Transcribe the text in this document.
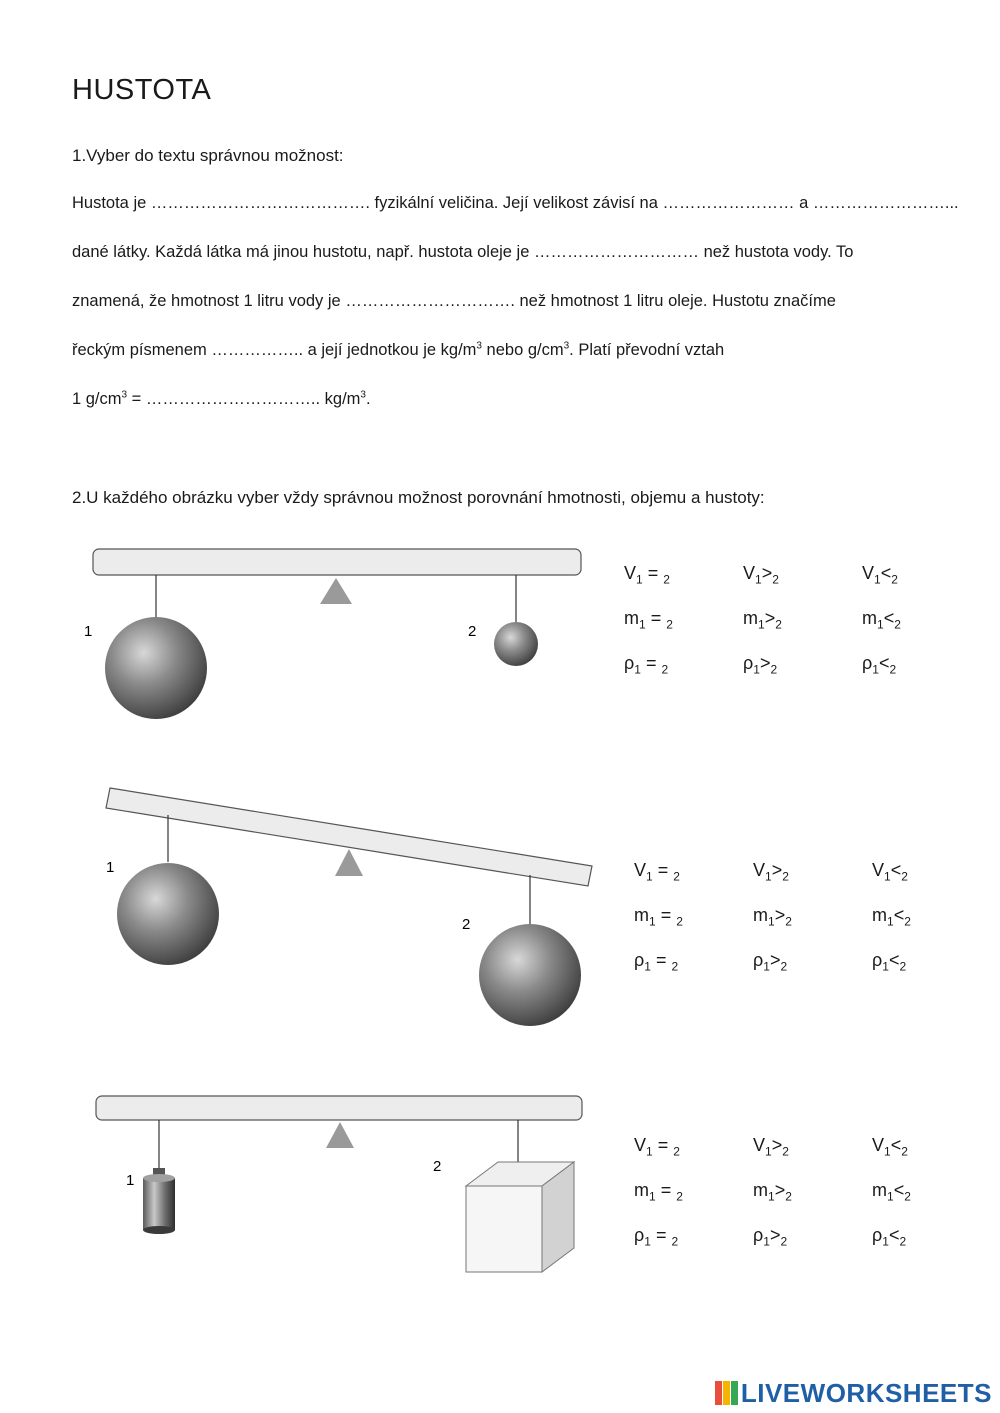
HUSTOTA
1.Vyber do textu správnou možnost:
Hustota je …………………………………. fyzikální veličina. Její velikost závisí na …………………… a ……………………...
dané látky. Každá látka má jinou hustotu, např. hustota oleje je ………………………… než hustota vody. To
znamená, že hmotnost 1 litru vody je …………………………. než hmotnost 1 litru oleje. Hustotu značíme
řeckým písmenem …………….. a její jednotkou je $kg/m^3$ nebo $g/cm^3$. Platí převodní vztah
1 $g/cm^3$ = ………………………….. $kg/m^3$.
2.U každého obrázku vyber vždy správnou možnost porovnání hmotnosti, objemu a hustoty:
1	2
1
2
1
2
$V_1 = _2$	$V_1>_2$	$V_1<_2$
$m_1 = _2$	$m_1>_2$	$m_1<_2$
$\rho_1 = _2$	$\rho_1>_2$	$\rho_1<_2$
$V_1 = _2$	$V_1>_2$	$V_1<_2$
$m_1 = _2$	$m_1>_2$	$m_1<_2$
$\rho_1 = _2$	$\rho_1>_2$	$\rho_1<_2$
$V_1 = _2$	$V_1>_2$	$V_1<_2$
$m_1 = _2$	$m_1>_2$	$m_1<_2$
$\rho_1 = _2$	$\rho_1>_2$	$\rho_1<_2$
LIVEWORKSHEETS
